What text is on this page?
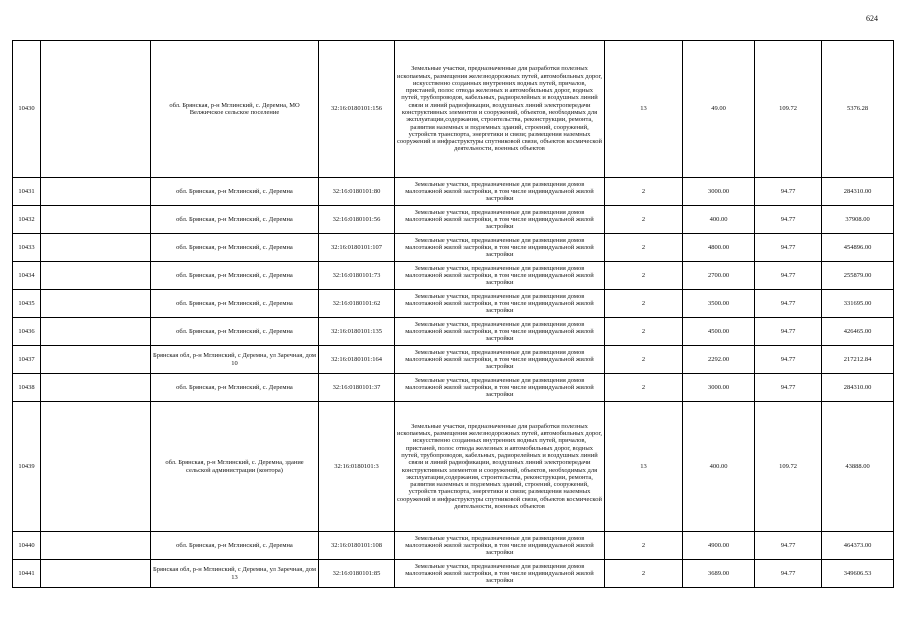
624
10430		обл. Брянская, р-н Мглинский, с. Деремна, МО Велжичское сельское поселение	32:16:0180101:156	Земельные участки, предназначенные для разработки полезных ископаемых, размещения железнодорожных путей, автомобильных дорог, искусственно созданных внутренних водных путей, причалов, пристаней, полос отвода железных и автомобильных дорог, водных путей, трубопроводов, кабельных, радиорелейных и воздушных линий связи и линий радиофикации, воздушных линий электропередачи конструктивных элементов и сооружений, объектов, необходимых для эксплуатации,содержания, строительства, реконструкции, ремонта, развития наземных и подземных зданий, строений, сооружений, устройств транспорта, энергетики и связи; размещения наземных сооружений и инфраструктуры спутниковой связи, объектов космической деятельности, военных объектов	13	49.00	109.72	5376.28
10431		обл. Брянская, р-н Мглинский, с. Деремна	32:16:0180101:80	Земельные участки, предназначенные для размещения домов малоэтажной жилой застройки, в том числе индивидуальной жилой застройки	2	3000.00	94.77	284310.00
10432		обл. Брянская, р-н Мглинский, с. Деремна	32:16:0180101:56	Земельные участки, предназначенные для размещения домов малоэтажной жилой застройки, в том числе индивидуальной жилой застройки	2	400.00	94.77	37908.00
10433		обл. Брянская, р-н Мглинский, с. Деремна	32:16:0180101:107	Земельные участки, предназначенные для размещения домов малоэтажной жилой застройки, в том числе индивидуальной жилой застройки	2	4800.00	94.77	454896.00
10434		обл. Брянская, р-н Мглинский, с. Деремна	32:16:0180101:73	Земельные участки, предназначенные для размещения домов малоэтажной жилой застройки, в том числе индивидуальной жилой застройки	2	2700.00	94.77	255879.00
10435		обл. Брянская, р-н Мглинский, с. Деремна	32:16:0180101:62	Земельные участки, предназначенные для размещения домов малоэтажной жилой застройки, в том числе индивидуальной жилой застройки	2	3500.00	94.77	331695.00
10436		обл. Брянская, р-н Мглинский, с. Деремна	32:16:0180101:135	Земельные участки, предназначенные для размещения домов малоэтажной жилой застройки, в том числе индивидуальной жилой застройки	2	4500.00	94.77	426465.00
10437		Брянская обл, р-н Мглинский, с Деремна, ул Заречная, дом 10	32:16:0180101:164	Земельные участки, предназначенные для размещения домов малоэтажной жилой застройки, в том числе индивидуальной жилой застройки	2	2292.00	94.77	217212.84
10438		обл. Брянская, р-н Мглинский, с. Деремна	32:16:0180101:37	Земельные участки, предназначенные для размещения домов малоэтажной жилой застройки, в том числе индивидуальной жилой застройки	2	3000.00	94.77	284310.00
10439		обл. Брянская, р-н Мглинский, с. Деремна, здание сельской администрации (контора)	32:16:0180101:3	Земельные участки, предназначенные для разработки полезных ископаемых, размещения железнодорожных путей, автомобильных дорог, искусственно созданных внутренних водных путей, причалов, пристаней, полос отвода железных и автомобильных дорог, водных путей, трубопроводов, кабельных, радиорелейных и воздушных линий связи и линий радиофикации, воздушных линий электропередачи конструктивных элементов и сооружений, объектов, необходимых для эксплуатации,содержания, строительства, реконструкции, ремонта, развития наземных и подземных зданий, строений, сооружений, устройств транспорта, энергетики и связи; размещения наземных сооружений и инфраструктуры спутниковой связи, объектов космической деятельности, военных объектов	13	400.00	109.72	43888.00
10440		обл. Брянская, р-н Мглинский, с. Деремна	32:16:0180101:108	Земельные участки, предназначенные для размещения домов малоэтажной жилой застройки, в том числе индивидуальной жилой застройки	2	4900.00	94.77	464373.00
10441		Брянская обл, р-н Мглинский, с Деремна, ул Заречная, дом 13	32:16:0180101:85	Земельные участки, предназначенные для размещения домов малоэтажной жилой застройки, в том числе индивидуальной жилой застройки	2	3689.00	94.77	349606.53
